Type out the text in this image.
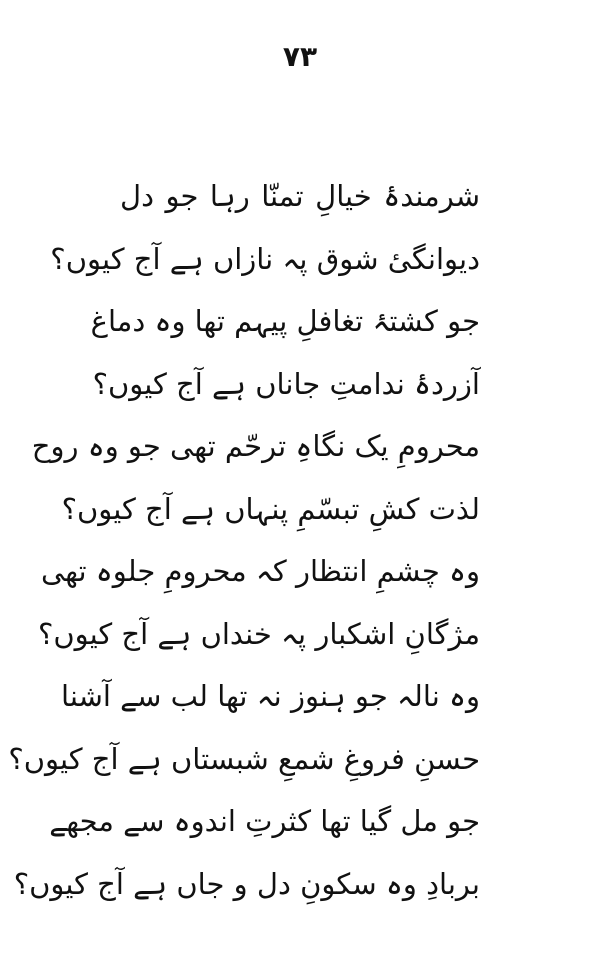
۷۳
شرمندۂ خیالِ تمنّا رہا جو دل
دیوانگیٔ شوق پہ نازاں ہے آج کیوں؟
جو کشتۂ تغافلِ پیہم تھا وہ دماغ
آزردۂ ندامتِ جاناں ہے آج کیوں؟
محرومِ یک نگاہِ ترحّم تھی جو وہ روح
لذت کشِ تبسّمِ پنہاں ہے آج کیوں؟
وہ چشمِ انتظار کہ محرومِ جلوہ تھی
مژگانِ اشکبار پہ خنداں ہے آج کیوں؟
وہ نالہ جو ہنوز نہ تھا لب سے آشنا
حسنِ فروغِ شمعِ شبستاں ہے آج کیوں؟
جو مل گیا تھا کثرتِ اندوہ سے مجھے
بربادِ وہ سکونِ دل و جاں ہے آج کیوں؟
